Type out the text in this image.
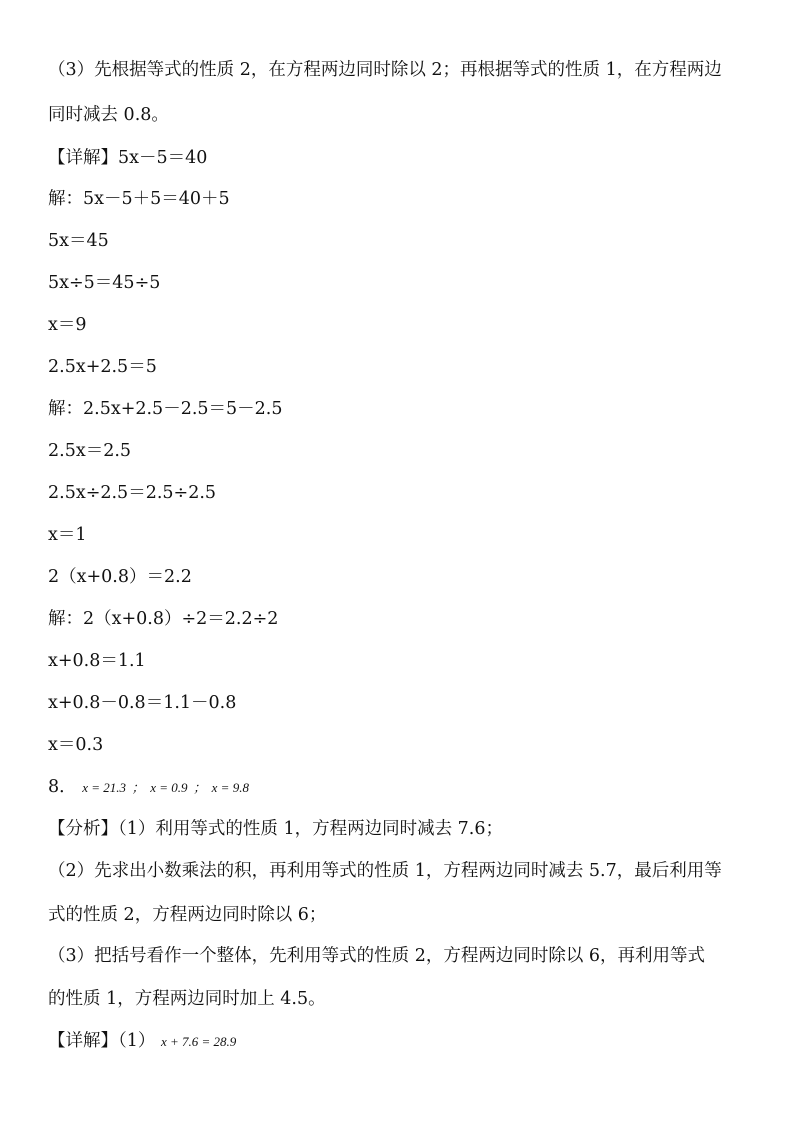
（3）先根据等式的性质 2，在方程两边同时除以 2；再根据等式的性质 1，在方程两边
同时减去 0.8。
【详解】5x－5＝40
解：5x－5＋5＝40＋5
5x＝45
5x÷5＝45÷5
x＝9
2.5x+2.5＝5
解：2.5x+2.5－2.5＝5－2.5
2.5x＝2.5
2.5x÷2.5＝2.5÷2.5
x＝1
2（x+0.8）＝2.2
解：2（x+0.8）÷2＝2.2÷2
x+0.8＝1.1
x+0.8－0.8＝1.1－0.8
x＝0.3
8． x = 21.3 ； x = 0.9 ； x = 9.8
【分析】（1）利用等式的性质 1，方程两边同时减去 7.6；
（2）先求出小数乘法的积，再利用等式的性质 1，方程两边同时减去 5.7，最后利用等
式的性质 2，方程两边同时除以 6；
（3）把括号看作一个整体，先利用等式的性质 2，方程两边同时除以 6，再利用等式
的性质 1，方程两边同时加上 4.5。
【详解】（1） x + 7.6 = 28.9
